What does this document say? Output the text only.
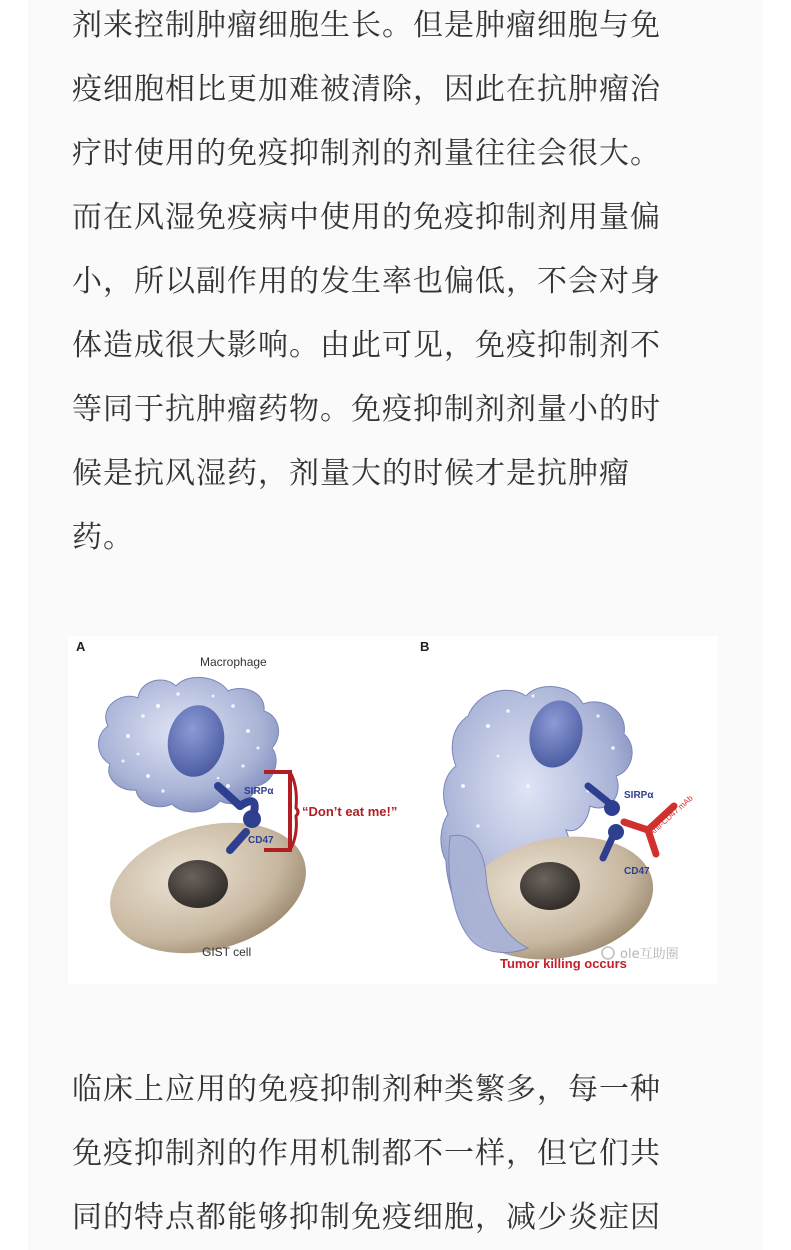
剂来控制肿瘤细胞生长。但是肿瘤细胞与免
疫细胞相比更加难被清除，因此在抗肿瘤治
疗时使用的免疫抑制剂的剂量往往会很大。
而在风湿免疫病中使用的免疫抑制剂用量偏
小，所以副作用的发生率也偏低，不会对身
体造成很大影响。由此可见，免疫抑制剂不
等同于抗肿瘤药物。免疫抑制剂剂量小的时
候是抗风湿药，剂量大的时候才是抗肿瘤
药。

A	B
Macrophage
GIST cell
SIRPα
CD47
“Don’t eat me!”
SIRPα
CD47
Anti-CD47 mAb
Tumor killing occurs
ole互助圈

临床上应用的免疫抑制剂种类繁多，每一种
免疫抑制剂的作用机制都不一样，但它们共
同的特点都能够抑制免疫细胞，减少炎症因
